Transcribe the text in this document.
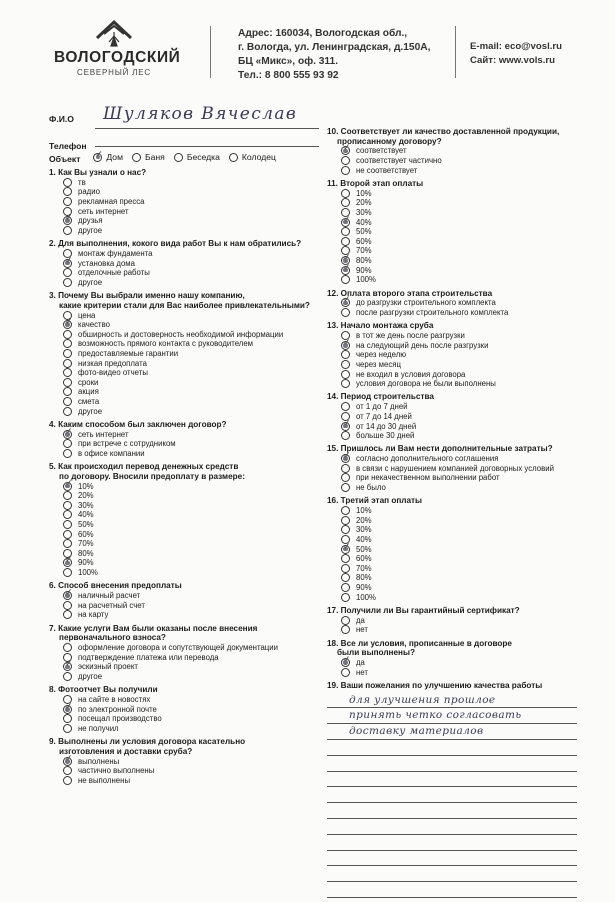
ВОЛОГОДСКИЙ
СЕВЕРНЫЙ ЛЕС
Адрес: 160034, Вологодская обл.,
г. Вологда, ул. Ленинградская, д.150А,
БЦ «Микс», оф. 311.
Тел.: 8 800 555 93 92
E-mail: eco@vosl.ru
Сайт: www.vols.ru
Ф.И.О	Шуляков Вячеслав
Телефон
Объект
✓	Дом	Баня	Беседка	Колодец
1. Как Вы узнали о нас?
тв
радио
рекламная пресса
сеть интернет
✓
друзья
другое
2. Для выполнения, кокого вида работ Вы к нам обратились?
монтаж фундамента
✓
установка дома
отделочные работы
другое
3. Почему Вы выбрали именно нашу компанию,
какие критерии стали для Вас наиболее привлекательными?
цена
✓
качество
обширность и достоверность необходимой информации
возможность прямого контакта с руководителем
предоставляемые гарантии
низкая предоплата
фото-видео отчеты
сроки
акция
смета
другое
4. Каким способом был заключен договор?
✓
сеть интернет
при встрече с сотрудником
в офисе компании
5. Как происходил перевод денежных средств
по договору. Вносили предоплату в размере:
✓
10%
20%
30%
40%
50%
60%
70%
80%
✓
90%
100%
6. Способ внесения предоплаты
✓
наличный расчет
на расчетный счет
на карту
7. Какие услуги Вам были оказаны после внесения
первоначального взноса?
оформление договора и сопутствующей документации
подтверждение платежа или перевода
✓
эскизный проект
другое
8. Фотоотчет Вы получили
на сайте в новостях
✓
по электронной почте
посещал производство
не получил
9. Выполнены ли условия договора касательно
изготовления и доставки сруба?
✓
выполнены
частично выполнены
не выполнены
10. Соответствует ли качество доставленной продукции,
прописанному договору?
✓
соответствует
соответствует частично
не соответствует
11. Второй этап оплаты
10%
20%
30%
✓
40%
50%
60%
70%
✓
80%
✓
90%
100%
12. Оплата второго этапа строительства
✓
до разгрузки строительного комплекта
после разгрузки строительного комплекта
13. Начало монтажа сруба
в тот же день после разгрузки
✓
на следующий день после разгрузки
через неделю
через месяц
не входил в условия договора
условия договора не были выполнены
14. Период строительства
от 1 до 7 дней
от 7 до 14 дней
✓
от 14 до 30 дней
больше 30 дней
15. Пришлось ли Вам нести дополнительные затраты?
✓
согласно дополнительного соглашения
в связи с нарушением компанией договорных условий
при некачественном выполнении работ
не было
16. Третий этап оплаты
10%
20%
30%
40%
✓
50%
60%
70%
80%
90%
100%
17. Получили ли Вы гарантийный сертификат?
да
нет
18. Все ли условия, прописанные в договоре
были выполнены?
✓
да
нет
19. Ваши пожелания по улучшению качества работы
для улучшения прошлое
принять четко согласовать
доставку материалов
